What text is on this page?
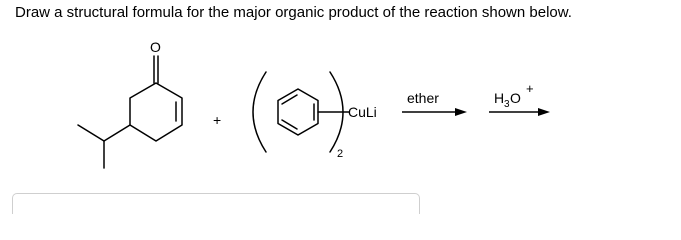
Draw a structural formula for the major organic product of the reaction shown below.
O
+	CuLi
2
ether	H 3 O
+
